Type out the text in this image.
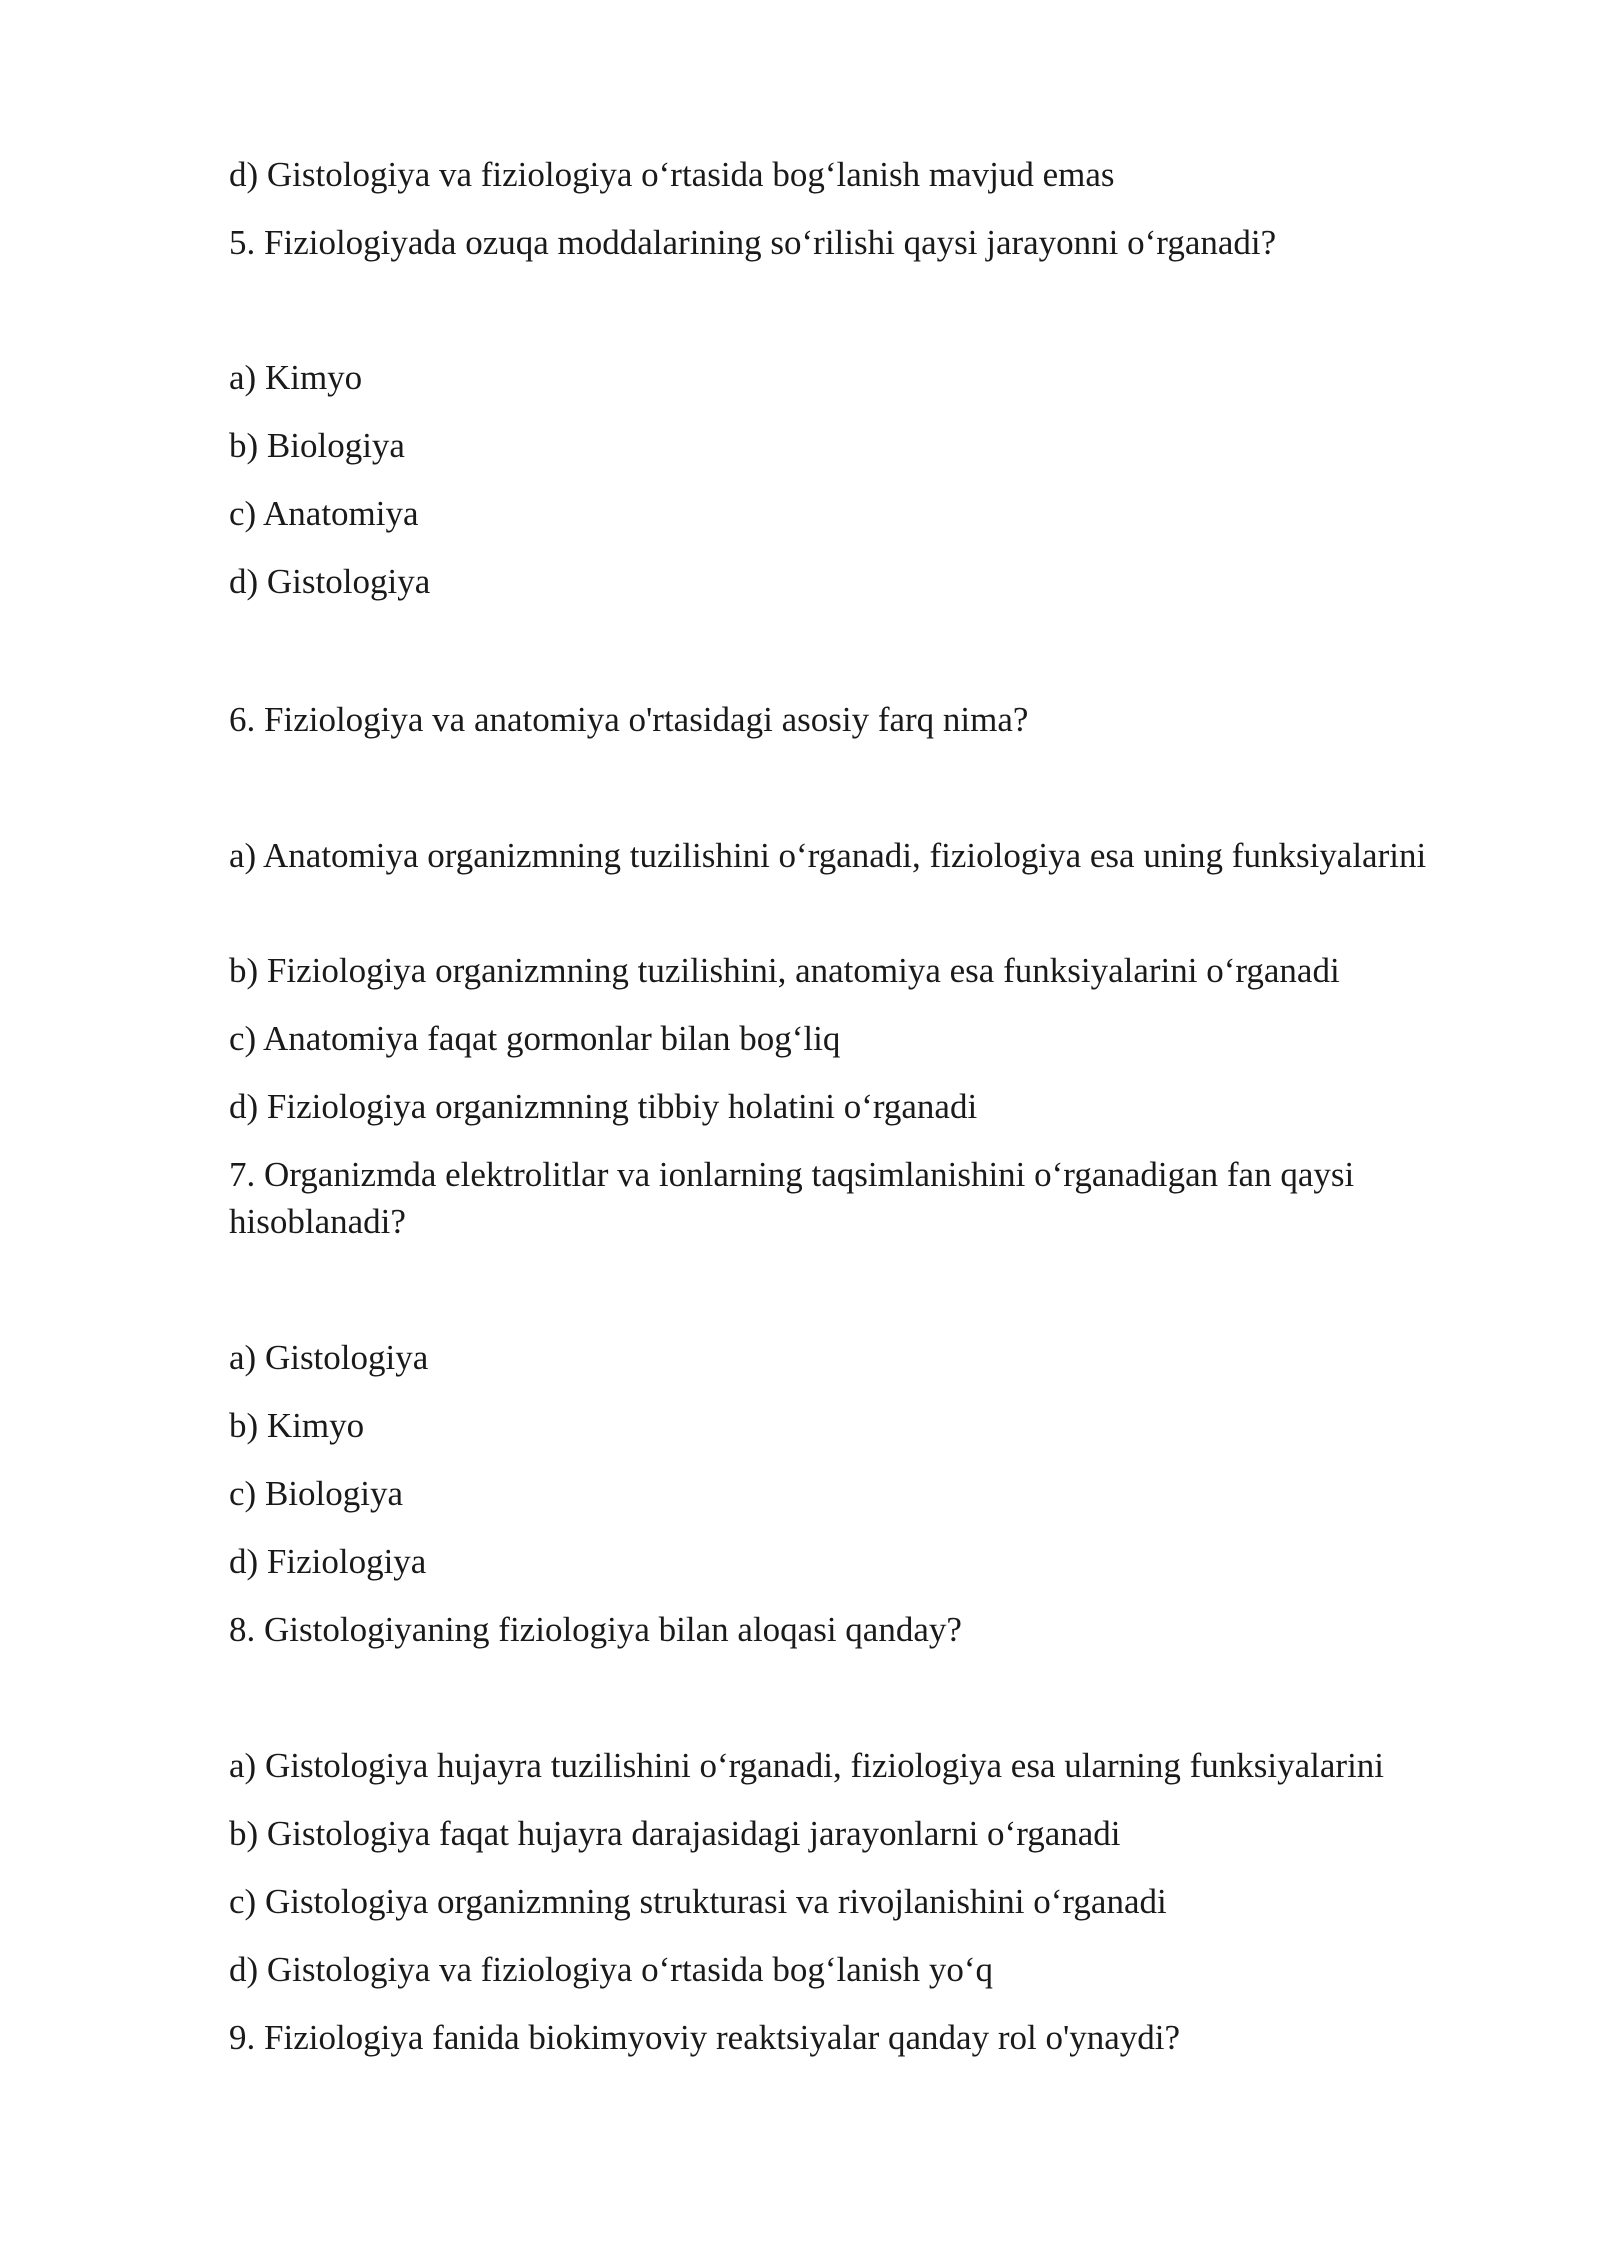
d) Gistologiya va fiziologiya o‘rtasida bog‘lanish mavjud emas

5. Fiziologiyada ozuqa moddalarining so‘rilishi qaysi jarayonni o‘rganadi?

a) Kimyo

b) Biologiya

c) Anatomiya

d) Gistologiya

6. Fiziologiya va anatomiya o'rtasidagi asosiy farq nima?

a) Anatomiya organizmning tuzilishini o‘rganadi, fiziologiya esa uning funksiyalarini

b) Fiziologiya organizmning tuzilishini, anatomiya esa funksiyalarini o‘rganadi

c) Anatomiya faqat gormonlar bilan bog‘liq

d) Fiziologiya organizmning tibbiy holatini o‘rganadi

7. Organizmda elektrolitlar va ionlarning taqsimlanishini o‘rganadigan fan qaysi hisoblanadi?

a) Gistologiya

b) Kimyo

c) Biologiya

d) Fiziologiya

8. Gistologiyaning fiziologiya bilan aloqasi qanday?

a) Gistologiya hujayra tuzilishini o‘rganadi, fiziologiya esa ularning funksiyalarini

b) Gistologiya faqat hujayra darajasidagi jarayonlarni o‘rganadi

c) Gistologiya organizmning strukturasi va rivojlanishini o‘rganadi

d) Gistologiya va fiziologiya o‘rtasida bog‘lanish yo‘q

9. Fiziologiya fanida biokimyoviy reaktsiyalar qanday rol o'ynaydi?
